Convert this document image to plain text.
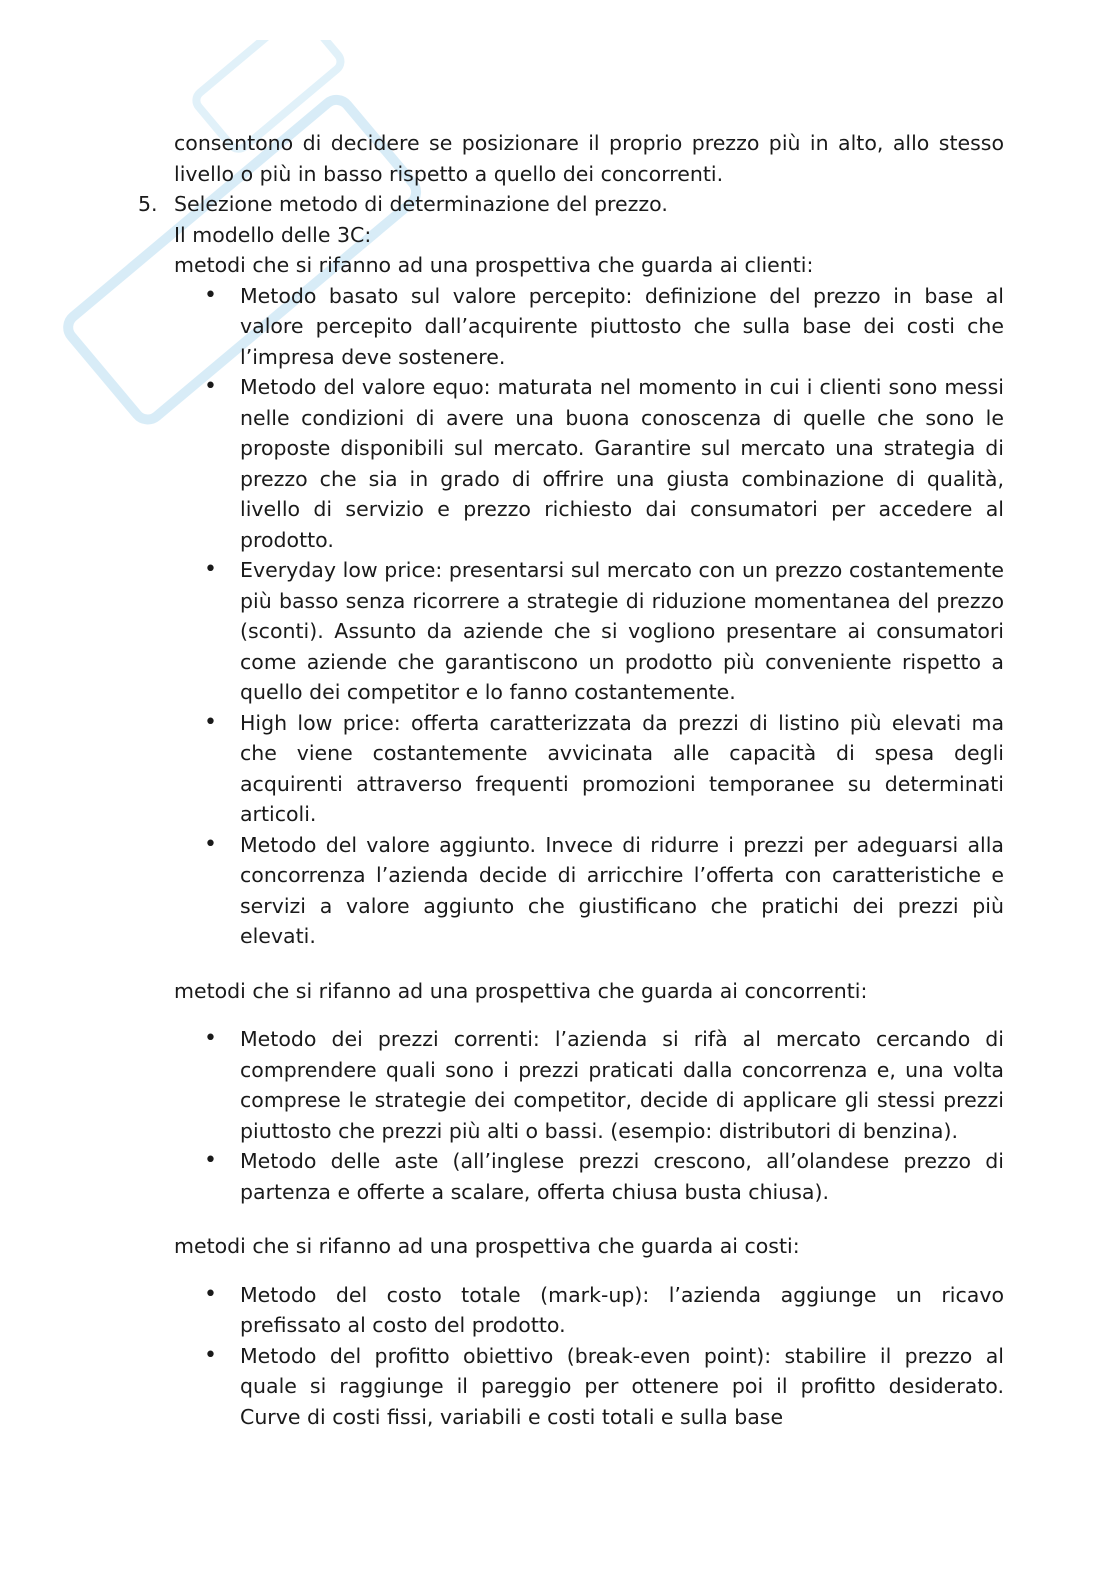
consentono di decidere se posizionare il proprio prezzo più in alto, allo stesso livello o più in basso rispetto a quello dei concorrenti.

5. Selezione metodo di determinazione del prezzo.

Il modello delle 3C:

metodi che si rifanno ad una prospettiva che guarda ai clienti:

• Metodo basato sul valore percepito: definizione del prezzo in base al valore percepito dall’acquirente piuttosto che sulla base dei costi che l’impresa deve sostenere.
• Metodo del valore equo: maturata nel momento in cui i clienti sono messi nelle condizioni di avere una buona conoscenza di quelle che sono le proposte disponibili sul mercato. Garantire sul mercato una strategia di prezzo che sia in grado di offrire una giusta combinazione di qualità, livello di servizio e prezzo richiesto dai consumatori per accedere al prodotto.
• Everyday low price: presentarsi sul mercato con un prezzo costantemente più basso senza ricorrere a strategie di riduzione momentanea del prezzo (sconti). Assunto da aziende che si vogliono presentare ai consumatori come aziende che garantiscono un prodotto più conveniente rispetto a quello dei competitor e lo fanno costantemente.
• High low price: offerta caratterizzata da prezzi di listino più elevati ma che viene costantemente avvicinata alle capacità di spesa degli acquirenti attraverso frequenti promozioni temporanee su determinati articoli.
• Metodo del valore aggiunto. Invece di ridurre i prezzi per adeguarsi alla concorrenza l’azienda decide di arricchire l’offerta con caratteristiche e servizi a valore aggiunto che giustificano che pratichi dei prezzi più elevati.

metodi che si rifanno ad una prospettiva che guarda ai concorrenti:

• Metodo dei prezzi correnti: l’azienda si rifà al mercato cercando di comprendere quali sono i prezzi praticati dalla concorrenza e, una volta comprese le strategie dei competitor, decide di applicare gli stessi prezzi piuttosto che prezzi più alti o bassi. (esempio: distributori di benzina).
• Metodo delle aste (all’inglese prezzi crescono, all’olandese prezzo di partenza e offerte a scalare, offerta chiusa busta chiusa).

metodi che si rifanno ad una prospettiva che guarda ai costi:

• Metodo del costo totale (mark-up): l’azienda aggiunge un ricavo prefissato al costo del prodotto.
• Metodo del profitto obiettivo (break-even point): stabilire il prezzo al quale si raggiunge il pareggio per ottenere poi il profitto desiderato. Curve di costi fissi, variabili e costi totali e sulla base
